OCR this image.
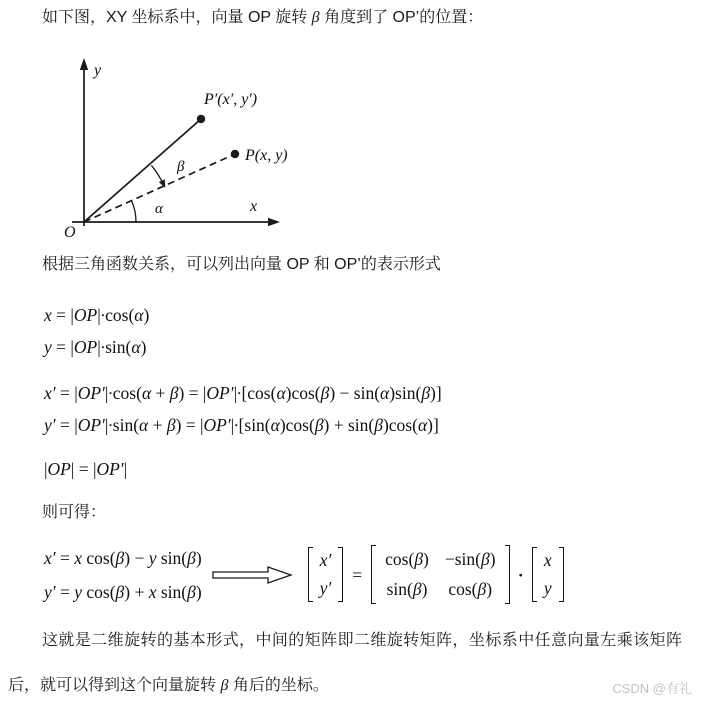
如下图，XY 坐标系中，向量 OP 旋转 β 角度到了 OP’的位置：

y
x
O
P′(x′, y′)
P(x, y)
α
β

根据三角函数关系，可以列出向量 OP 和 OP’的表示形式

x = |OP|∙cos(α)
y = |OP|∙sin(α)
x′ = |OP′|∙cos(α + β) = |OP′|∙[cos(α)cos(β) − sin(α)sin(β)]
y′ = |OP′|∙sin(α + β) = |OP′|∙[sin(α)cos(β) + sin(β)cos(α)]
|OP| = |OP′|

则可得：

x′ = x cos(β) − y sin(β)
y′ = y cos(β) + x sin(β)
x′
y′
=
cos(β) −sin(β)
sin(β) cos(β)
∙
x
y

这就是二维旋转的基本形式，中间的矩阵即二维旋转矩阵，坐标系中任意向量左乘该矩阵后，就可以得到这个向量旋转 β 角后的坐标。	CSDN @有礼
